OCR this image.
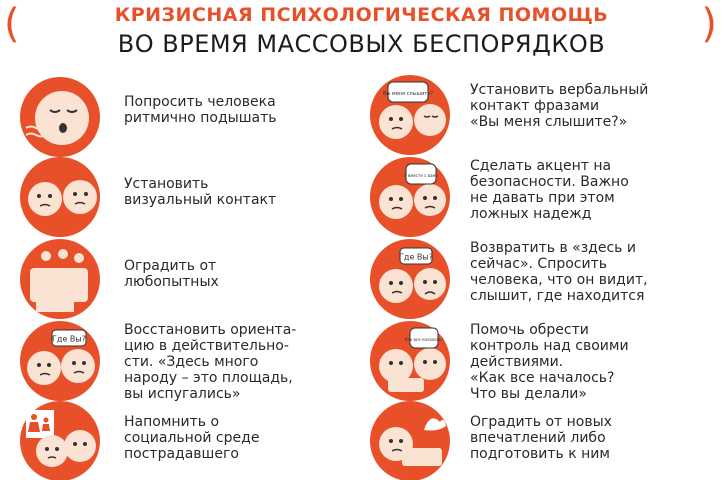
(	КРИЗИСНАЯ ПСИХОЛОГИЧЕСКАЯ ПОМОЩЬ
ВО ВРЕМЯ МАССОВЫХ БЕСПОРЯДКОВ	)
Попросить человека
ритмично подышать
Установить
визуальный контакт
Оградить от
любопытных
Где Вы?
Восстановить ориента-
цию в действительно-
сти. «Здесь много
народу – это площадь,
вы испугались»
Напомнить о
социальной среде
пострадавшего
Вы меня слышите?	Установить вербальный
контакт фразами
«Вы меня слышите?»
Я вместе с вами
Сделать акцент на
безопасности. Важно
не давать при этом
ложных надежд
Где Вы?
Возвратить в «здесь и
сейчас». Спросить
человека, что он видит,
слышит, где находится
Как все началось?
Помочь обрести
контроль над своими
действиями.
«Как все началось?
Что вы делали»
Оградить от новых
впечатлений либо
подготовить к ним
